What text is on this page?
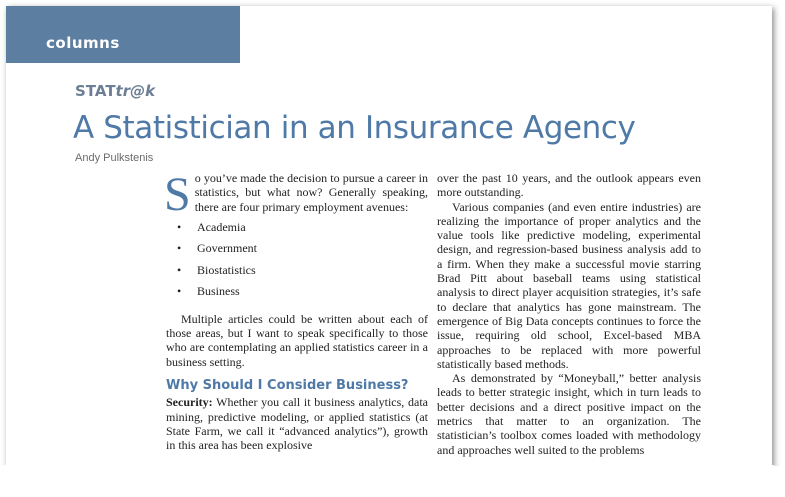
columns
STATtr@k
A Statistician in an Insurance Agency
Andy Pulkstenis

So you’ve made the decision to pursue a career in statistics, but what now? Generally speaking, there are four primary employment avenues:

• Academia
• Government
• Biostatistics
• Business

Multiple articles could be written about each of those areas, but I want to speak specifically to those who are contemplating an applied statistics career in a business setting.

Why Should I Consider Business?

Security: Whether you call it business analytics, data mining, predictive modeling, or applied statistics (at State Farm, we call it “advanced analytics”), growth in this area has been explosive

over the past 10 years, and the outlook appears even more outstanding.

Various companies (and even entire industries) are realizing the importance of proper analytics and the value tools like predictive modeling, experimental design, and regression-based business analysis add to a firm. When they make a successful movie starring Brad Pitt about baseball teams using statistical analysis to direct player acquisition strategies, it’s safe to declare that analytics has gone mainstream. The emergence of Big Data concepts continues to force the issue, requiring old school, Excel-based MBA approaches to be replaced with more powerful statistically based methods.

As demonstrated by “Moneyball,” better analysis leads to better strategic insight, which in turn leads to better decisions and a direct positive impact on the metrics that matter to an organization. The statistician’s toolbox comes loaded with methodology and approaches well suited to the problems
